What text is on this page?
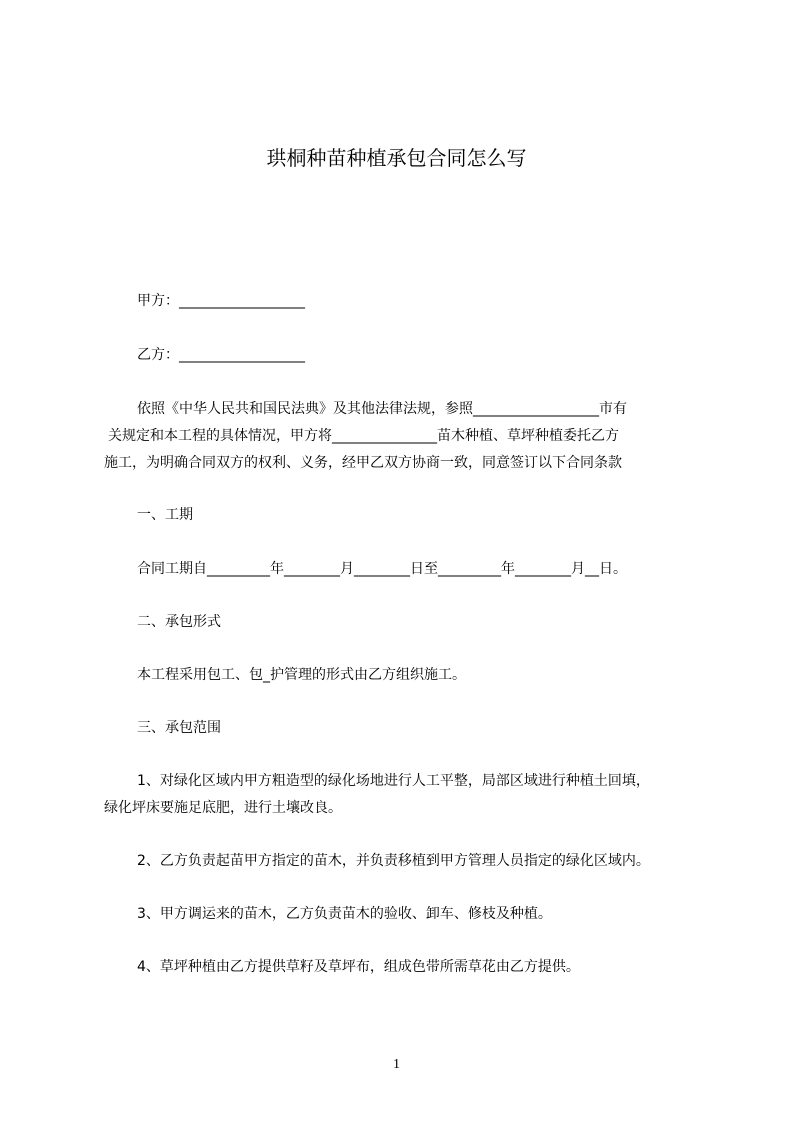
珙桐种苗种植承包合同怎么写
甲方：__________________
乙方：__________________
依照《中华人民共和国民法典》及其他法律法规，参照__________________市有
关规定和本工程的具体情况，甲方将_______________苗木种植、草坪种植委托乙方
施工，为明确合同双方的权利、义务，经甲乙双方协商一致，同意签订以下合同条款
一、工期
合同工期自_________年________月________日至_________年________月__日。
二、承包形式
本工程采用包工、包_护管理的形式由乙方组织施工。
三、承包范围
1、对绿化区域内甲方粗造型的绿化场地进行人工平整，局部区域进行种植土回填，
绿化坪床要施足底肥，进行土壤改良。
2、乙方负责起苗甲方指定的苗木，并负责移植到甲方管理人员指定的绿化区域内。
3、甲方调运来的苗木，乙方负责苗木的验收、卸车、修枝及种植。
4、草坪种植由乙方提供草籽及草坪布，组成色带所需草花由乙方提供。
1
